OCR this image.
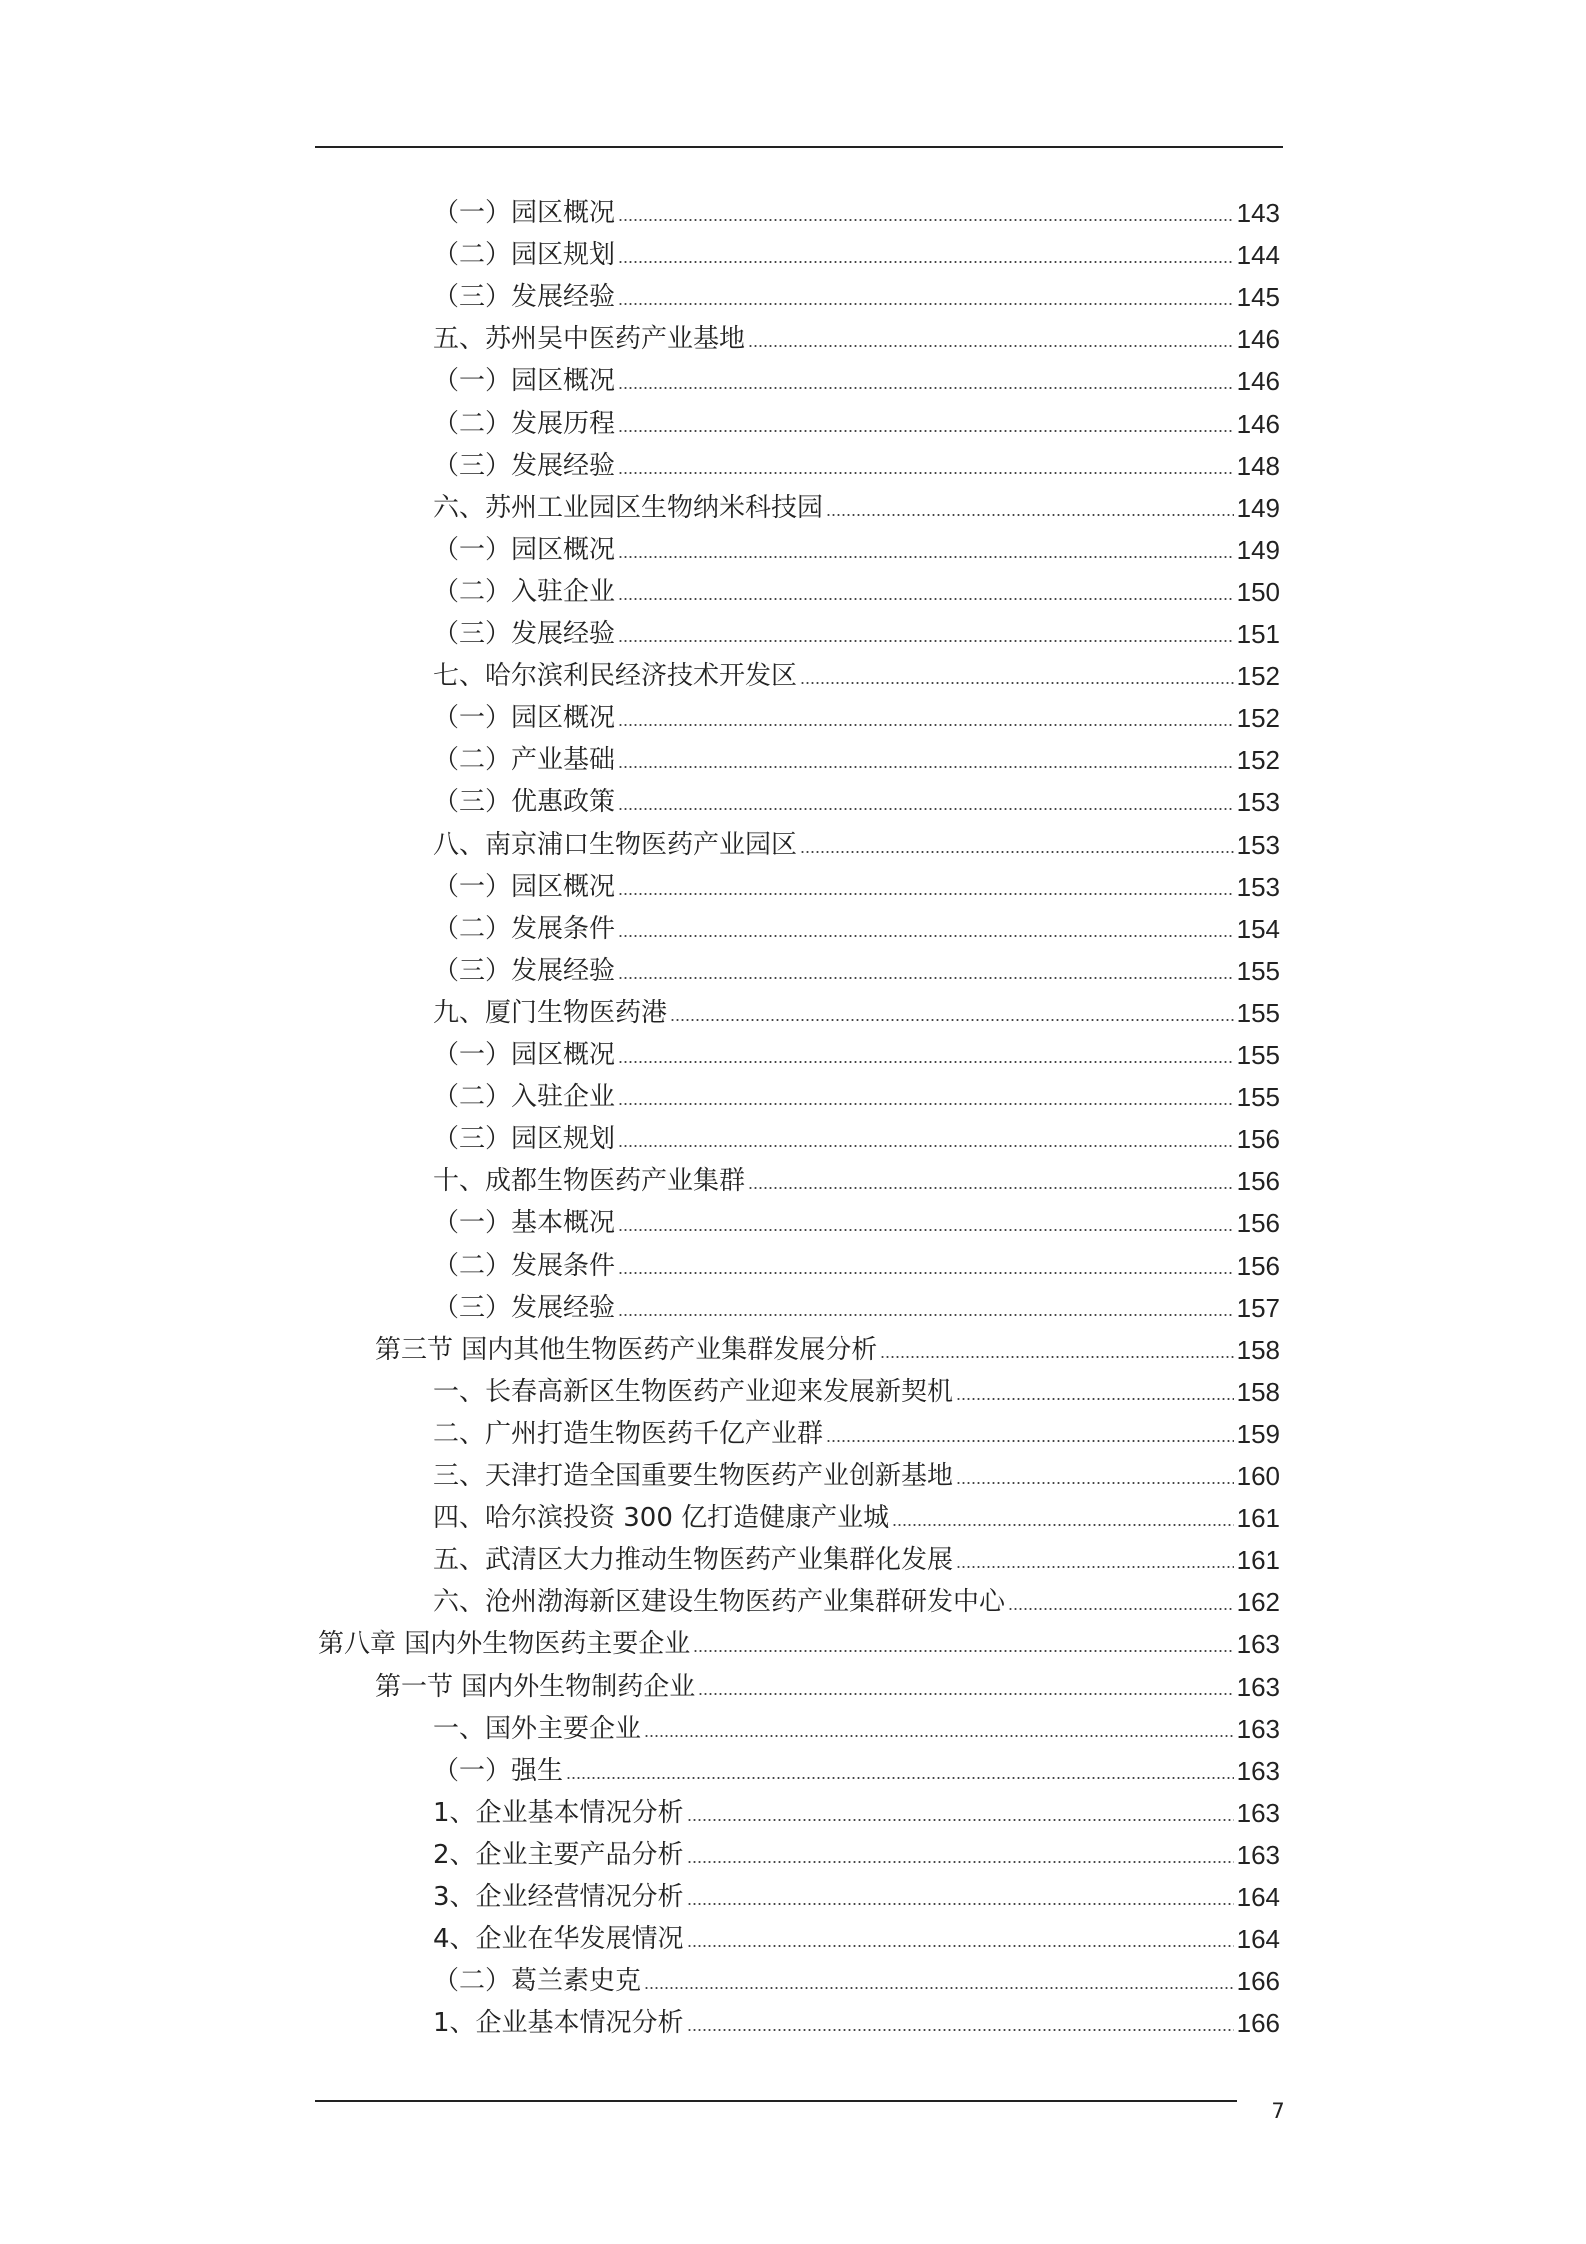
（一）园区概况	143
（二）园区规划	144
（三）发展经验	145
五、苏州吴中医药产业基地	146
（一）园区概况	146
（二）发展历程	146
（三）发展经验	148
六、苏州工业园区生物纳米科技园	149
（一）园区概况	149
（二）入驻企业	150
（三）发展经验	151
七、哈尔滨利民经济技术开发区	152
（一）园区概况	152
（二）产业基础	152
（三）优惠政策	153
八、南京浦口生物医药产业园区	153
（一）园区概况	153
（二）发展条件	154
（三）发展经验	155
九、厦门生物医药港	155
（一）园区概况	155
（二）入驻企业	155
（三）园区规划	156
十、成都生物医药产业集群	156
（一）基本概况	156
（二）发展条件	156
（三）发展经验	157
第三节 国内其他生物医药产业集群发展分析	158
一、长春高新区生物医药产业迎来发展新契机	158
二、广州打造生物医药千亿产业群	159
三、天津打造全国重要生物医药产业创新基地	160
四、哈尔滨投资 300 亿打造健康产业城	161
五、武清区大力推动生物医药产业集群化发展	161
六、沧州渤海新区建设生物医药产业集群研发中心	162
第八章 国内外生物医药主要企业	163
第一节 国内外生物制药企业	163
一、国外主要企业	163
（一）强生	163
1、企业基本情况分析	163
2、企业主要产品分析	163
3、企业经营情况分析	164
4、企业在华发展情况	164
（二）葛兰素史克	166
1、企业基本情况分析	166
7
